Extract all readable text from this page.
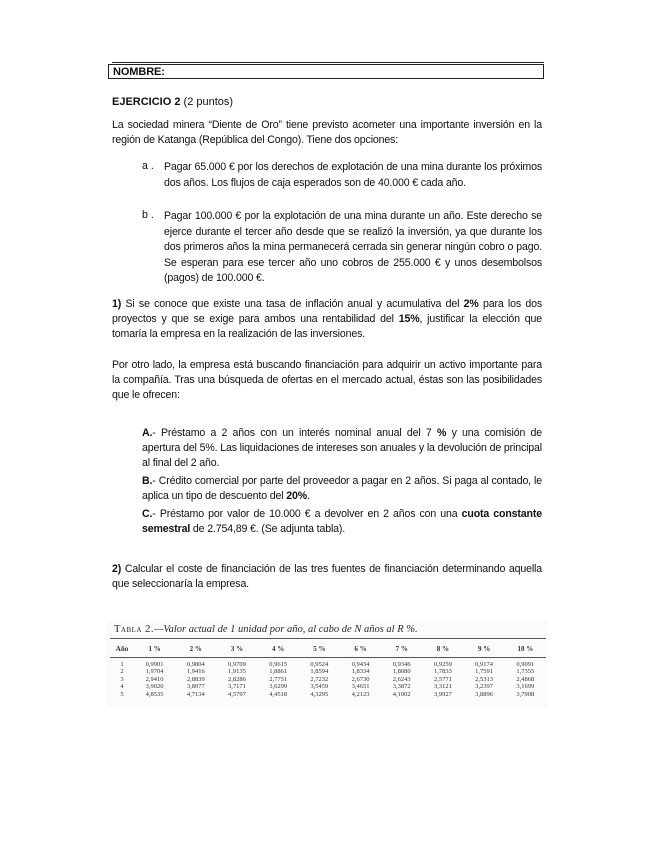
NOMBRE:
EJERCICIO 2 (2 puntos)
La sociedad minera “Diente de Oro” tiene previsto acometer una importante inversión en la región de Katanga (República del Congo). Tiene dos opciones:
a . Pagar 65.000 € por los derechos de explotación de una mina durante los próximos dos años. Los flujos de caja esperados son de 40.000 € cada año.
b . Pagar 100.000 € por la explotación de una mina durante un año. Este derecho se ejerce durante el tercer año desde que se realizó la inversión, ya que durante los dos primeros años la mina permanecerá cerrada sin generar ningún cobro o pago. Se esperan para ese tercer año uno cobros de 255.000 € y unos desembolsos (pagos) de 100.000 €.
1) Si se conoce que existe una tasa de inflación anual y acumulativa del 2% para los dos proyectos y que se exige para ambos una rentabilidad del 15%, justificar la elección que tomaría la empresa en la realización de las inversiones.
Por otro lado, la empresa está buscando financiación para adquirir un activo importante para la compañía. Tras una búsqueda de ofertas en el mercado actual, éstas son las posibilidades que le ofrecen:
A.- Préstamo a 2 años con un interés nominal anual del 7 % y una comisión de apertura del 5%. Las liquidaciones de intereses son anuales y la devolución de principal al final del 2 año.
B.- Crédito comercial por parte del proveedor a pagar en 2 años. Si paga al contado, le aplica un tipo de descuento del 20%.
C.- Préstamo por valor de 10.000 € a devolver en 2 años con una cuota constante semestral de 2.754,89 €. (Se adjunta tabla).
2) Calcular el coste de financiación de las tres fuentes de financiación determinando aquella que seleccionaría la empresa.
Tabla 2.—Valor actual de 1 unidad por año, al cabo de N años al R %.
Año	1 %	2 %	3 %	4 %	5 %	6 %	7 %	8 %	9 %	10 %

1	0,9901	0,9804	0,9709	0,9615	0,9524	0,9434	0,9346	0,9259	0,9174	0,9091
2	1,9704	1,9416	1,9135	1,8861	1,8594	1,8334	1,8080	1,7833	1,7591	1,7355
3	2,9410	2,8839	2,8286	2,7751	2,7232	2,6730	2,6243	2,5771	2,5313	2,4868
4	3,9020	3,8077	3,7171	3,6299	3,5459	3,4651	3,3872	3,3121	3,2397	3,1699
5	4,8535	4,7134	4,5797	4,4518	4,3295	4,2123	4,1002	3,9927	3,8896	3,7908
